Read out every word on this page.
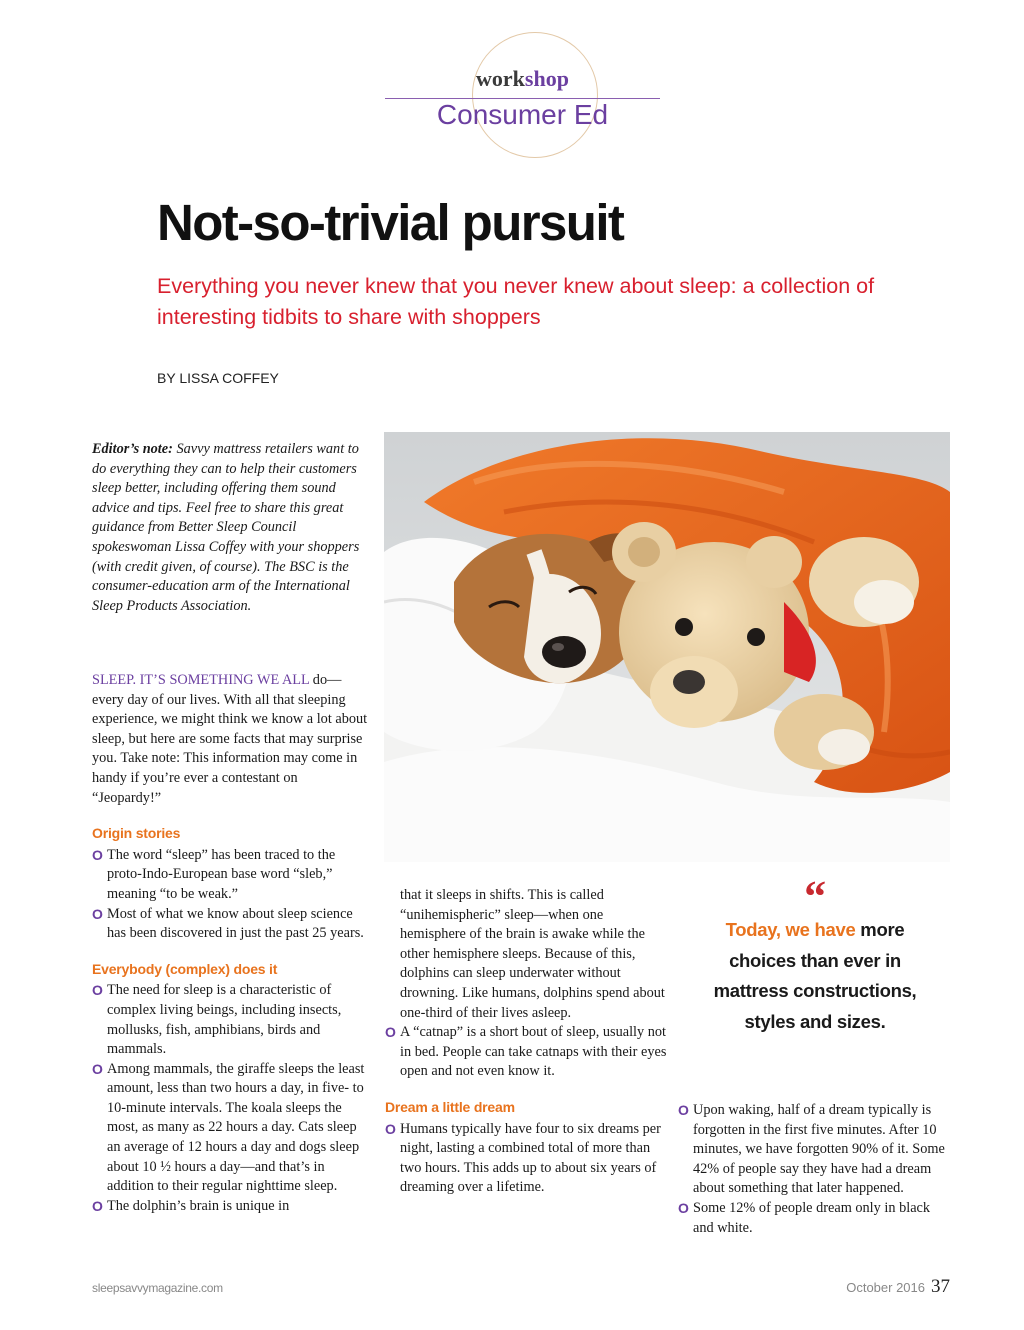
workshop
Consumer Ed
Not-so-trivial pursuit
Everything you never knew that you never knew about sleep: a collection of interesting tidbits to share with shoppers
BY LISSA COFFEY
Editor’s note: Savvy mattress retailers want to do everything they can to help their customers sleep better, including offering them sound advice and tips. Feel free to share this great guidance from Better Sleep Council spokeswoman Lissa Coffey with your shoppers (with credit given, of course). The BSC is the consumer-education arm of the International Sleep Products Association.
SLEEP. IT’S SOMETHING WE ALL do—every day of our lives. With all that sleeping experience, we might think we know a lot about sleep, but here are some facts that may surprise you. Take note: This information may come in handy if you’re ever a contestant on “Jeopardy!”
Origin stories
O The word “sleep” has been traced to the proto-Indo-European base word “sleb,” meaning “to be weak.”
O Most of what we know about sleep science has been discovered in just the past 25 years.
Everybody (complex) does it
O The need for sleep is a characteristic of complex living beings, including insects, mollusks, fish, amphibians, birds and mammals.
O Among mammals, the giraffe sleeps the least amount, less than two hours a day, in five- to 10-minute intervals. The koala sleeps the most, as many as 22 hours a day. Cats sleep an average of 12 hours a day and dogs sleep about 10 ½ hours a day—and that’s in addition to their regular nighttime sleep.
O The dolphin’s brain is unique in
that it sleeps in shifts. This is called “unihemispheric” sleep—when one hemisphere of the brain is awake while the other hemisphere sleeps. Because of this, dolphins can sleep underwater without drowning. Like humans, dolphins spend about one-third of their lives asleep.
O A “catnap” is a short bout of sleep, usually not in bed. People can take catnaps with their eyes open and not even know it.
Dream a little dream
O Humans typically have four to six dreams per night, lasting a combined total of more than two hours. This adds up to about six years of dreaming over a lifetime.
“
Today, we have more choices than ever in mattress constructions, styles and sizes.
O Upon waking, half of a dream typically is forgotten in the first five minutes. After 10 minutes, we have forgotten 90% of it. Some 42% of people say they have had a dream about something that later happened.
O Some 12% of people dream only in black and white.
sleepsavvymagazine.com	October 2016 37
